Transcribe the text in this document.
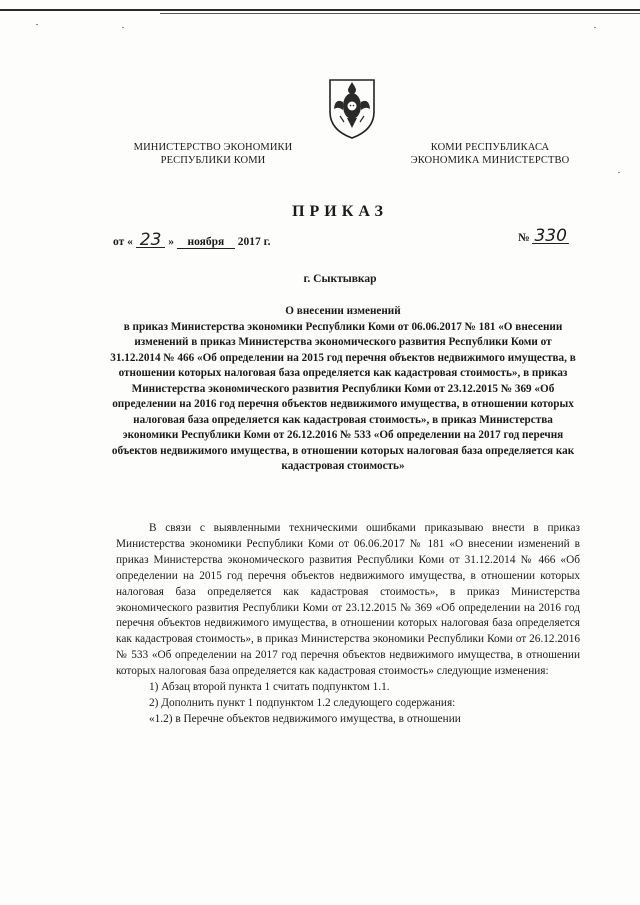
МИНИСТЕРСТВО ЭКОНОМИКИ
РЕСПУБЛИКИ КОМИ
КОМИ РЕСПУБЛИКАСА
ЭКОНОМИКА МИНИСТЕРСТВО
ПРИКАЗ
от « 23 » ноября 2017 г.	№ 330
г. Сыктывкар

О внесении изменений

в приказ Министерства экономики Республики Коми от 06.06.2017 № 181 «О внесении изменений в приказ Министерства экономического развития Республики Коми от 31.12.2014 № 466 «Об определении на 2015 год перечня объектов недвижимого имущества, в отношении которых налоговая база определяется как кадастровая стоимость», в приказ Министерства экономического развития Республики Коми от 23.12.2015 № 369 «Об определении на 2016 год перечня объектов недвижимого имущества, в отношении которых налоговая база определяется как кадастровая стоимость», в приказ Министерства экономики Республики Коми от 26.12.2016 № 533 «Об определении на 2017 год перечня объектов недвижимого имущества, в отношении которых налоговая база определяется как кадастровая стоимость»

В связи с выявленными техническими ошибками приказываю внести в приказ Министерства экономики Республики Коми от 06.06.2017 № 181 «О внесении изменений в приказ Министерства экономического развития Республики Коми от 31.12.2014 № 466 «Об определении на 2015 год перечня объектов недвижимого имущества, в отношении которых налоговая база определяется как кадастровая стоимость», в приказ Министерства экономического развития Республики Коми от 23.12.2015 № 369 «Об определении на 2016 год перечня объектов недвижимого имущества, в отношении которых налоговая база определяется как кадастровая стоимость», в приказ Министерства экономики Республики Коми от 26.12.2016 № 533 «Об определении на 2017 год перечня объектов недвижимого имущества, в отношении которых налоговая база определяется как кадастровая стоимость» следующие изменения:

1) Абзац второй пункта 1 считать подпунктом 1.1.

2) Дополнить пункт 1 подпунктом 1.2 следующего содержания:

«1.2) в Перечне объектов недвижимого имущества, в отношении
